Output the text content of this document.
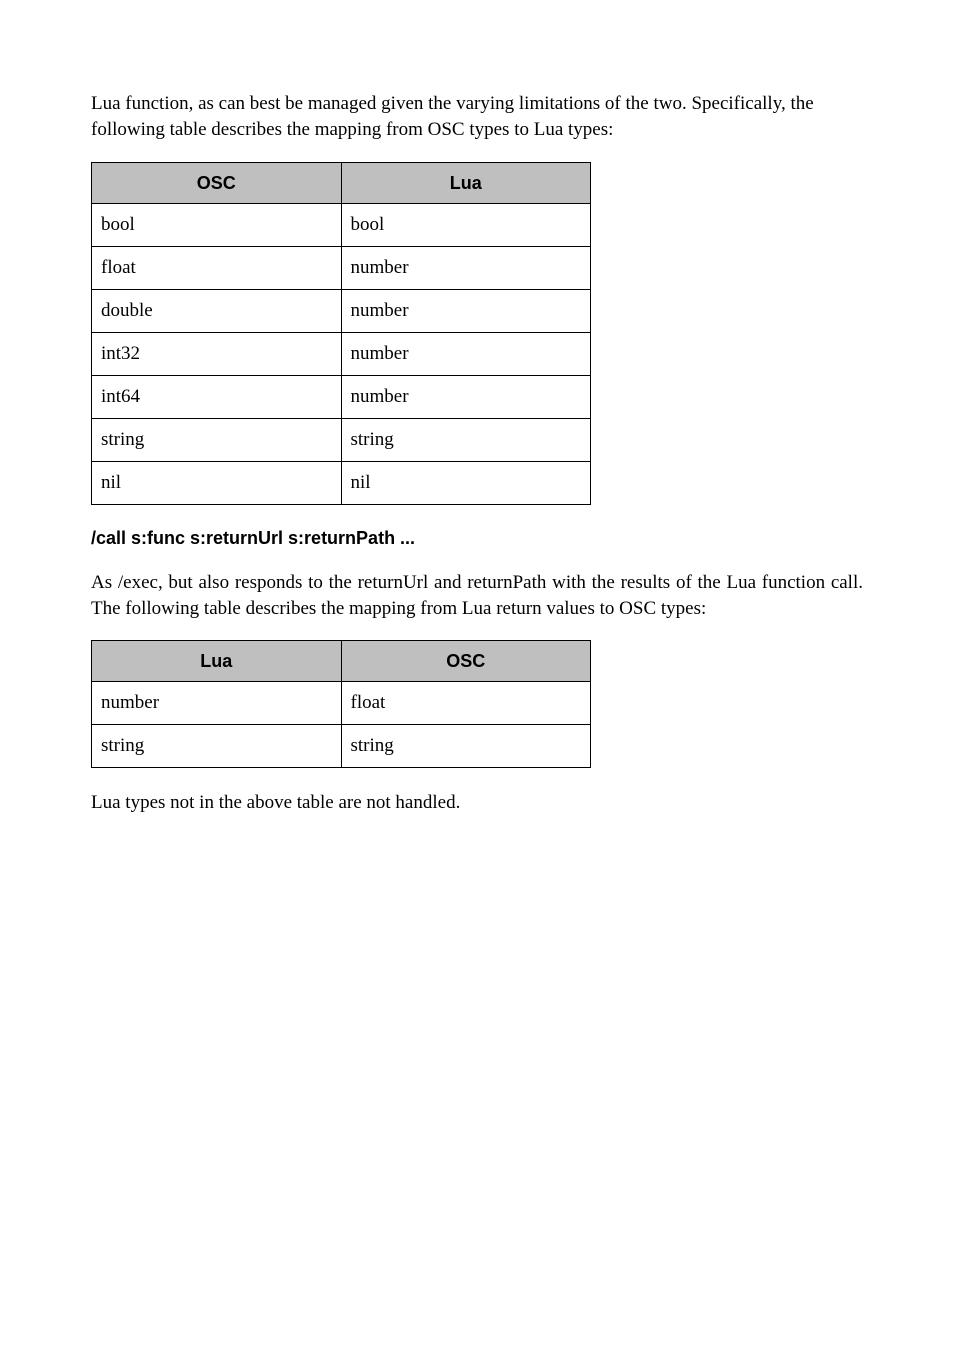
Lua function, as can best be managed given the varying limitations of the two. Specifically, the following table describes the mapping from OSC types to Lua types:

OSC	Lua
bool	bool
float	number
double	number
int32	number
int64	number
string	string
nil	nil
/call s:func s:returnUrl s:returnPath ...

As /exec, but also responds to the returnUrl and returnPath with the results of the Lua function call. The following table describes the mapping from Lua return values to OSC types:

Lua	OSC
number	float
string	string

Lua types not in the above table are not handled.
